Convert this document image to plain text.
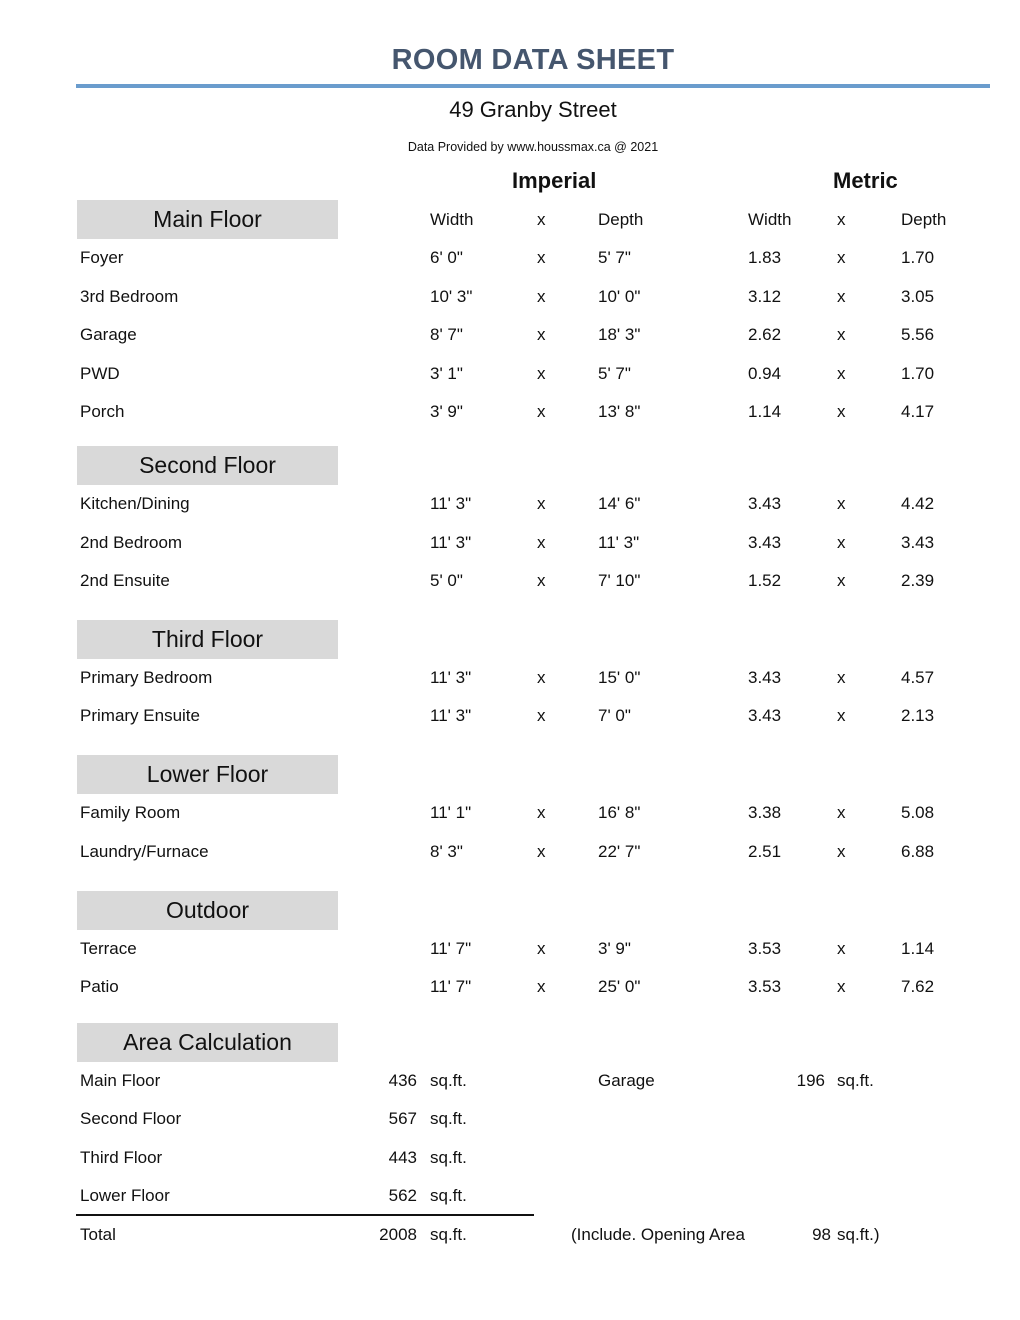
ROOM DATA SHEET
49 Granby Street
Data Provided by www.houssmax.ca @ 2021
Imperial	Metric
Main Floor	Width	x	Depth	Width	x	Depth
Foyer	6' 0"	x	5' 7"	1.83	x	1.70
3rd Bedroom	10' 3"	x	10' 0"	3.12	x	3.05
Garage	8' 7"	x	18' 3"	2.62	x	5.56
PWD	3' 1"	x	5' 7"	0.94	x	1.70
Porch	3' 9"	x	13' 8"	1.14	x	4.17
Second Floor
Kitchen/Dining	11' 3"	x	14' 6"	3.43	x	4.42
2nd Bedroom	11' 3"	x	11' 3"	3.43	x	3.43
2nd Ensuite	5' 0"	x	7' 10"	1.52	x	2.39
Third Floor
Primary Bedroom	11' 3"	x	15' 0"	3.43	x	4.57
Primary Ensuite	11' 3"	x	7' 0"	3.43	x	2.13
Lower Floor
Family Room	11' 1"	x	16' 8"	3.38	x	5.08
Laundry/Furnace	8' 3"	x	22' 7"	2.51	x	6.88
Outdoor
Terrace	11' 7"	x	3' 9"	3.53	x	1.14
Patio	11' 7"	x	25' 0"	3.53	x	7.62
Area Calculation
Main Floor	436 sq.ft.	Garage	196 sq.ft.
Second Floor	567 sq.ft.
Third Floor	443 sq.ft.
Lower Floor	562 sq.ft.
Total	2008 sq.ft.	(Include. Opening Area	98 sq.ft.)
